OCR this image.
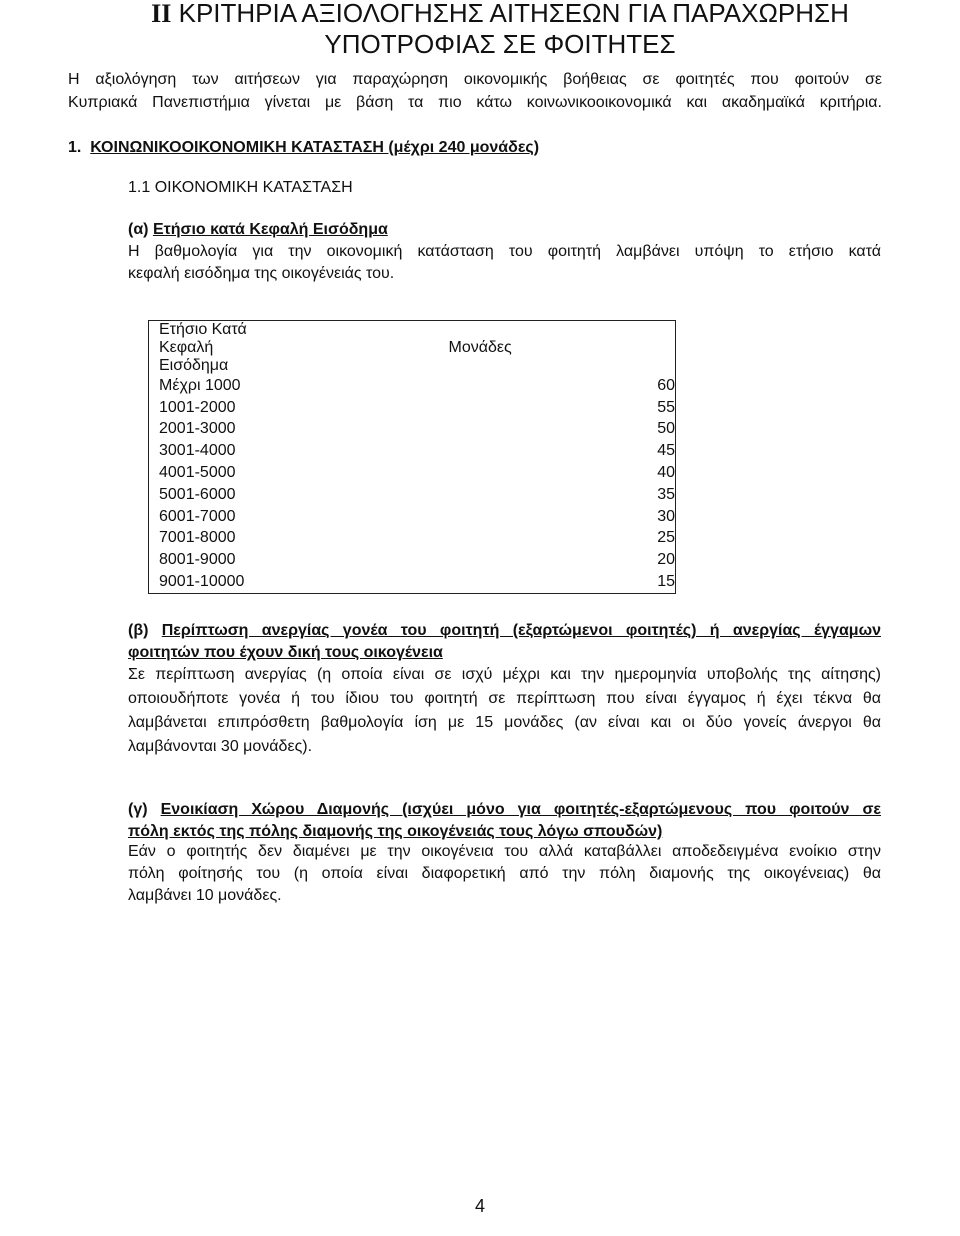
II ΚΡΙΤΗΡΙΑ ΑΞΙΟΛΟΓΗΣΗΣ ΑΙΤΗΣΕΩΝ ΓΙΑ ΠΑΡΑΧΩΡΗΣΗ
ΥΠΟΤΡΟΦΙΑΣ ΣΕ ΦΟΙΤΗΤΕΣ

Η αξιολόγηση των αιτήσεων για παραχώρηση οικονομικής βοήθειας σε φοιτητές που φοιτούν σε

Κυπριακά Πανεπιστήμια γίνεται με βάση τα πιο κάτω κοινωνικοοικονομικά και ακαδημαϊκά κριτήρια.

1. ΚΟΙΝΩΝΙΚΟΟΙΚΟΝΟΜΙΚΗ ΚΑΤΑΣΤΑΣΗ (μέχρι 240 μονάδες)

1.1 ΟΙΚΟΝΟΜΙΚΗ ΚΑΤΑΣΤΑΣΗ

(α) Ετήσιο κατά Κεφαλή Εισόδημα

Η βαθμολογία για την οικονομική κατάσταση του φοιτητή λαμβάνει υπόψη το ετήσιο κατά

κεφαλή εισόδημα της οικογένειάς του.

Ετήσιο Κατά Κεφαλή Εισόδημα	Μονάδες
Μέχρι 1000	60
1001-2000	55
2001-3000	50
3001-4000	45
4001-5000	40
5001-6000	35
6001-7000	30
7001-8000	25
8001-9000	20
9001-10000	15

(β) Περίπτωση ανεργίας γονέα του φοιτητή (εξαρτώμενοι φοιτητές) ή ανεργίας έγγαμων

φοιτητών που έχουν δική τους οικογένεια

Σε περίπτωση ανεργίας (η οποία είναι σε ισχύ μέχρι και την ημερομηνία υποβολής της αίτησης)

οποιουδήποτε γονέα ή του ίδιου του φοιτητή σε περίπτωση που είναι έγγαμος ή έχει τέκνα θα

λαμβάνεται επιπρόσθετη βαθμολογία ίση με 15 μονάδες (αν είναι και οι δύο γονείς άνεργοι θα

λαμβάνονται 30 μονάδες).

(γ) Ενοικίαση Χώρου Διαμονής (ισχύει μόνο για φοιτητές-εξαρτώμενους που φοιτούν σε

πόλη εκτός της πόλης διαμονής της οικογένειάς τους λόγω σπουδών)

Εάν ο φοιτητής δεν διαμένει με την οικογένεια του αλλά καταβάλλει αποδεδειγμένα ενοίκιο στην

πόλη φοίτησής του (η οποία είναι διαφορετική από την πόλη διαμονής της οικογένειας) θα

λαμβάνει 10 μονάδες.

4
